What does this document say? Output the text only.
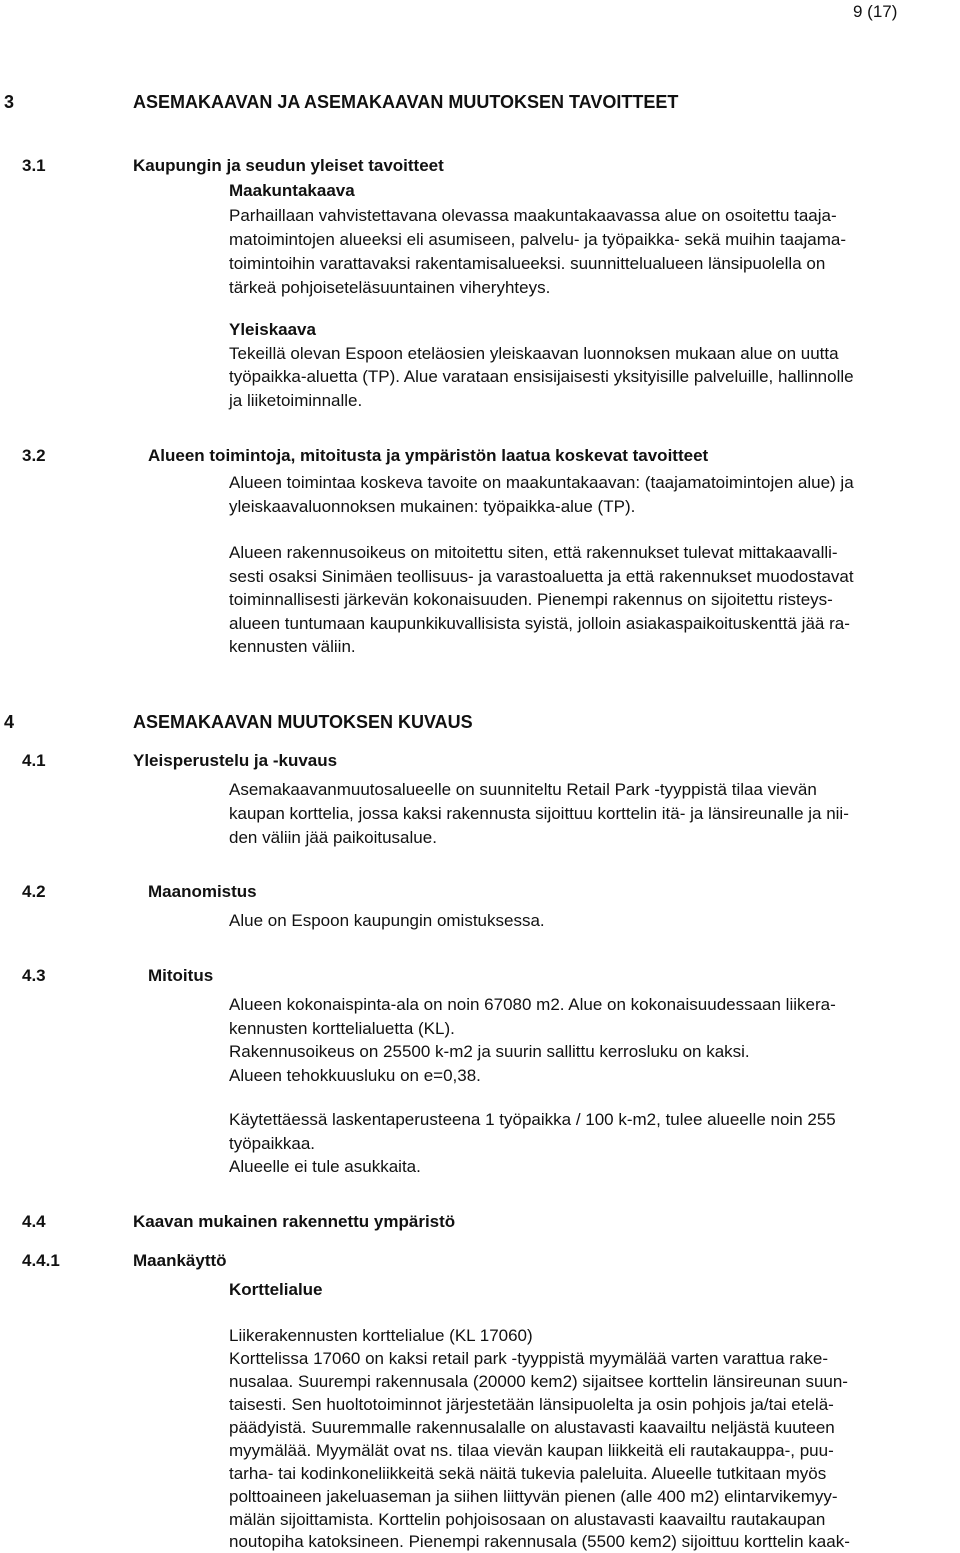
9 (17)
3	ASEMAKAAVAN JA ASEMAKAAVAN MUUTOKSEN TAVOITTEET
3.1	Kaupungin ja seudun yleiset tavoitteet
Maakuntakaava
Parhaillaan vahvistettavana olevassa maakuntakaavassa alue on osoitettu taaja-
matoimintojen alueeksi eli asumiseen, palvelu- ja työpaikka- sekä muihin taajama-
toimintoihin varattavaksi rakentamisalueeksi. suunnittelualueen länsipuolella on
tärkeä pohjoiseteläsuuntainen viheryhteys.
Yleiskaava
Tekeillä olevan Espoon eteläosien yleiskaavan luonnoksen mukaan alue on uutta
työpaikka-aluetta (TP). Alue varataan ensisijaisesti yksityisille palveluille, hallinnolle
ja liiketoiminnalle.
3.2	Alueen toimintoja, mitoitusta ja ympäristön laatua koskevat tavoitteet
Alueen toimintaa koskeva tavoite on maakuntakaavan: (taajamatoimintojen alue) ja
yleiskaavaluonnoksen mukainen: työpaikka-alue (TP).
Alueen rakennusoikeus on mitoitettu siten, että rakennukset tulevat mittakaavalli-
sesti osaksi Sinimäen teollisuus- ja varastoaluetta ja että rakennukset muodostavat
toiminnallisesti järkevän kokonaisuuden. Pienempi rakennus on sijoitettu risteys-
alueen tuntumaan kaupunkikuvallisista syistä, jolloin asiakaspaikoituskenttä jää ra-
kennusten väliin.
4	ASEMAKAAVAN MUUTOKSEN KUVAUS
4.1	Yleisperustelu ja -kuvaus
Asemakaavanmuutosalueelle on suunniteltu Retail Park -tyyppistä tilaa vievän
kaupan korttelia, jossa kaksi rakennusta sijoittuu korttelin itä- ja länsireunalle ja nii-
den väliin jää paikoitusalue.
4.2	Maanomistus
Alue on Espoon kaupungin omistuksessa.
4.3	Mitoitus
Alueen kokonaispinta-ala on noin 67080 m2. Alue on kokonaisuudessaan liikera-
kennusten korttelialuetta (KL).
Rakennusoikeus on 25500 k-m2 ja suurin sallittu kerrosluku on kaksi.
Alueen tehokkuusluku on e=0,38.
Käytettäessä laskentaperusteena 1 työpaikka / 100 k-m2, tulee alueelle noin 255
työpaikkaa.
Alueelle ei tule asukkaita.
4.4	Kaavan mukainen rakennettu ympäristö
4.4.1	Maankäyttö
Korttelialue
Liikerakennusten korttelialue (KL 17060)
Korttelissa 17060 on kaksi retail park -tyyppistä myymälää varten varattua rake-
nusalaa. Suurempi rakennusala (20000 kem2) sijaitsee korttelin länsireunan suun-
taisesti. Sen huoltotoiminnot järjestetään länsipuolelta ja osin pohjois ja/tai etelä-
päädyistä. Suuremmalle rakennusalalle on alustavasti kaavailtu neljästä kuuteen
myymälää. Myymälät ovat ns. tilaa vievän kaupan liikkeitä eli rautakauppa-, puu-
tarha- tai kodinkoneliikkeitä sekä näitä tukevia paleluita. Alueelle tutkitaan myös
polttoaineen jakeluaseman ja siihen liittyvän pienen (alle 400 m2) elintarvikemyy-
mälän sijoittamista. Korttelin pohjoisosaan on alustavasti kaavailtu rautakaupan
noutopiha katoksineen. Pienempi rakennusala (5500 kem2) sijoittuu korttelin kaak-
